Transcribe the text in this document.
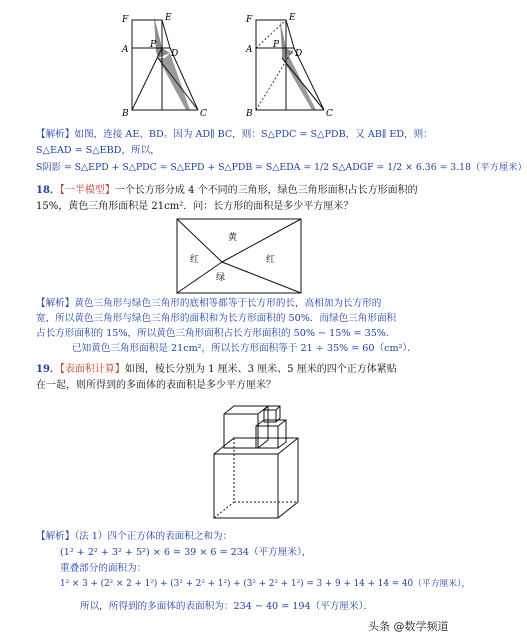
F	E
A P
D
B	C
F	E
A P
D
B	C
【解析】如图，连接 AE、BD。因为 AD∥ BC，则：S△PDC = S△PDB，又 AB∥ ED，则：
S△EAD = S△EBD，所以，
S阴影 = S△EPD + S△PDC = S△EPD + S△PDB = S△EDA = 1/2 S△ADGF = 1/2 × 6.36 = 3.18（平方厘米）
18．【一半模型】一个长方形分成 4 个不同的三角形，绿色三角形面积占长方形面积的
15%，黄色三角形面积是 21cm²．问：长方形的面积是多少平方厘米？
黄
红	红
绿
【解析】黄色三角形与绿色三角形的底相等都等于长方形的长，高相加为长方形的
宽，所以黄色三角形与绿色三角形的面积和为长方形面积的 50%．而绿色三角形面积
占长方形面积的 15%，所以黄色三角形面积占长方形面积的 50% − 15% = 35%．
已知黄色三角形面积是 21cm²，所以长方形面积等于 21 ÷ 35% = 60（cm²）．
19．【表面积计算】如图，棱长分别为 1 厘米、3 厘米、5 厘米的四个正方体紧贴
在一起，则所得到的多面体的表面积是多少平方厘米？
【解析】（法 1）四个正方体的表面积之和为：
(1² + 2² + 3² + 5²) × 6 = 39 × 6 = 234（平方厘米），
重叠部分的面积为：
1² × 3 + (2² × 2 + 1²) + (3² + 2² + 1²) + (3² + 2² + 1²) = 3 + 9 + 14 + 14 = 40（平方厘米），
所以，所得到的多面体的表面积为：234 − 40 = 194（平方厘米）．
头条 @数学频道
